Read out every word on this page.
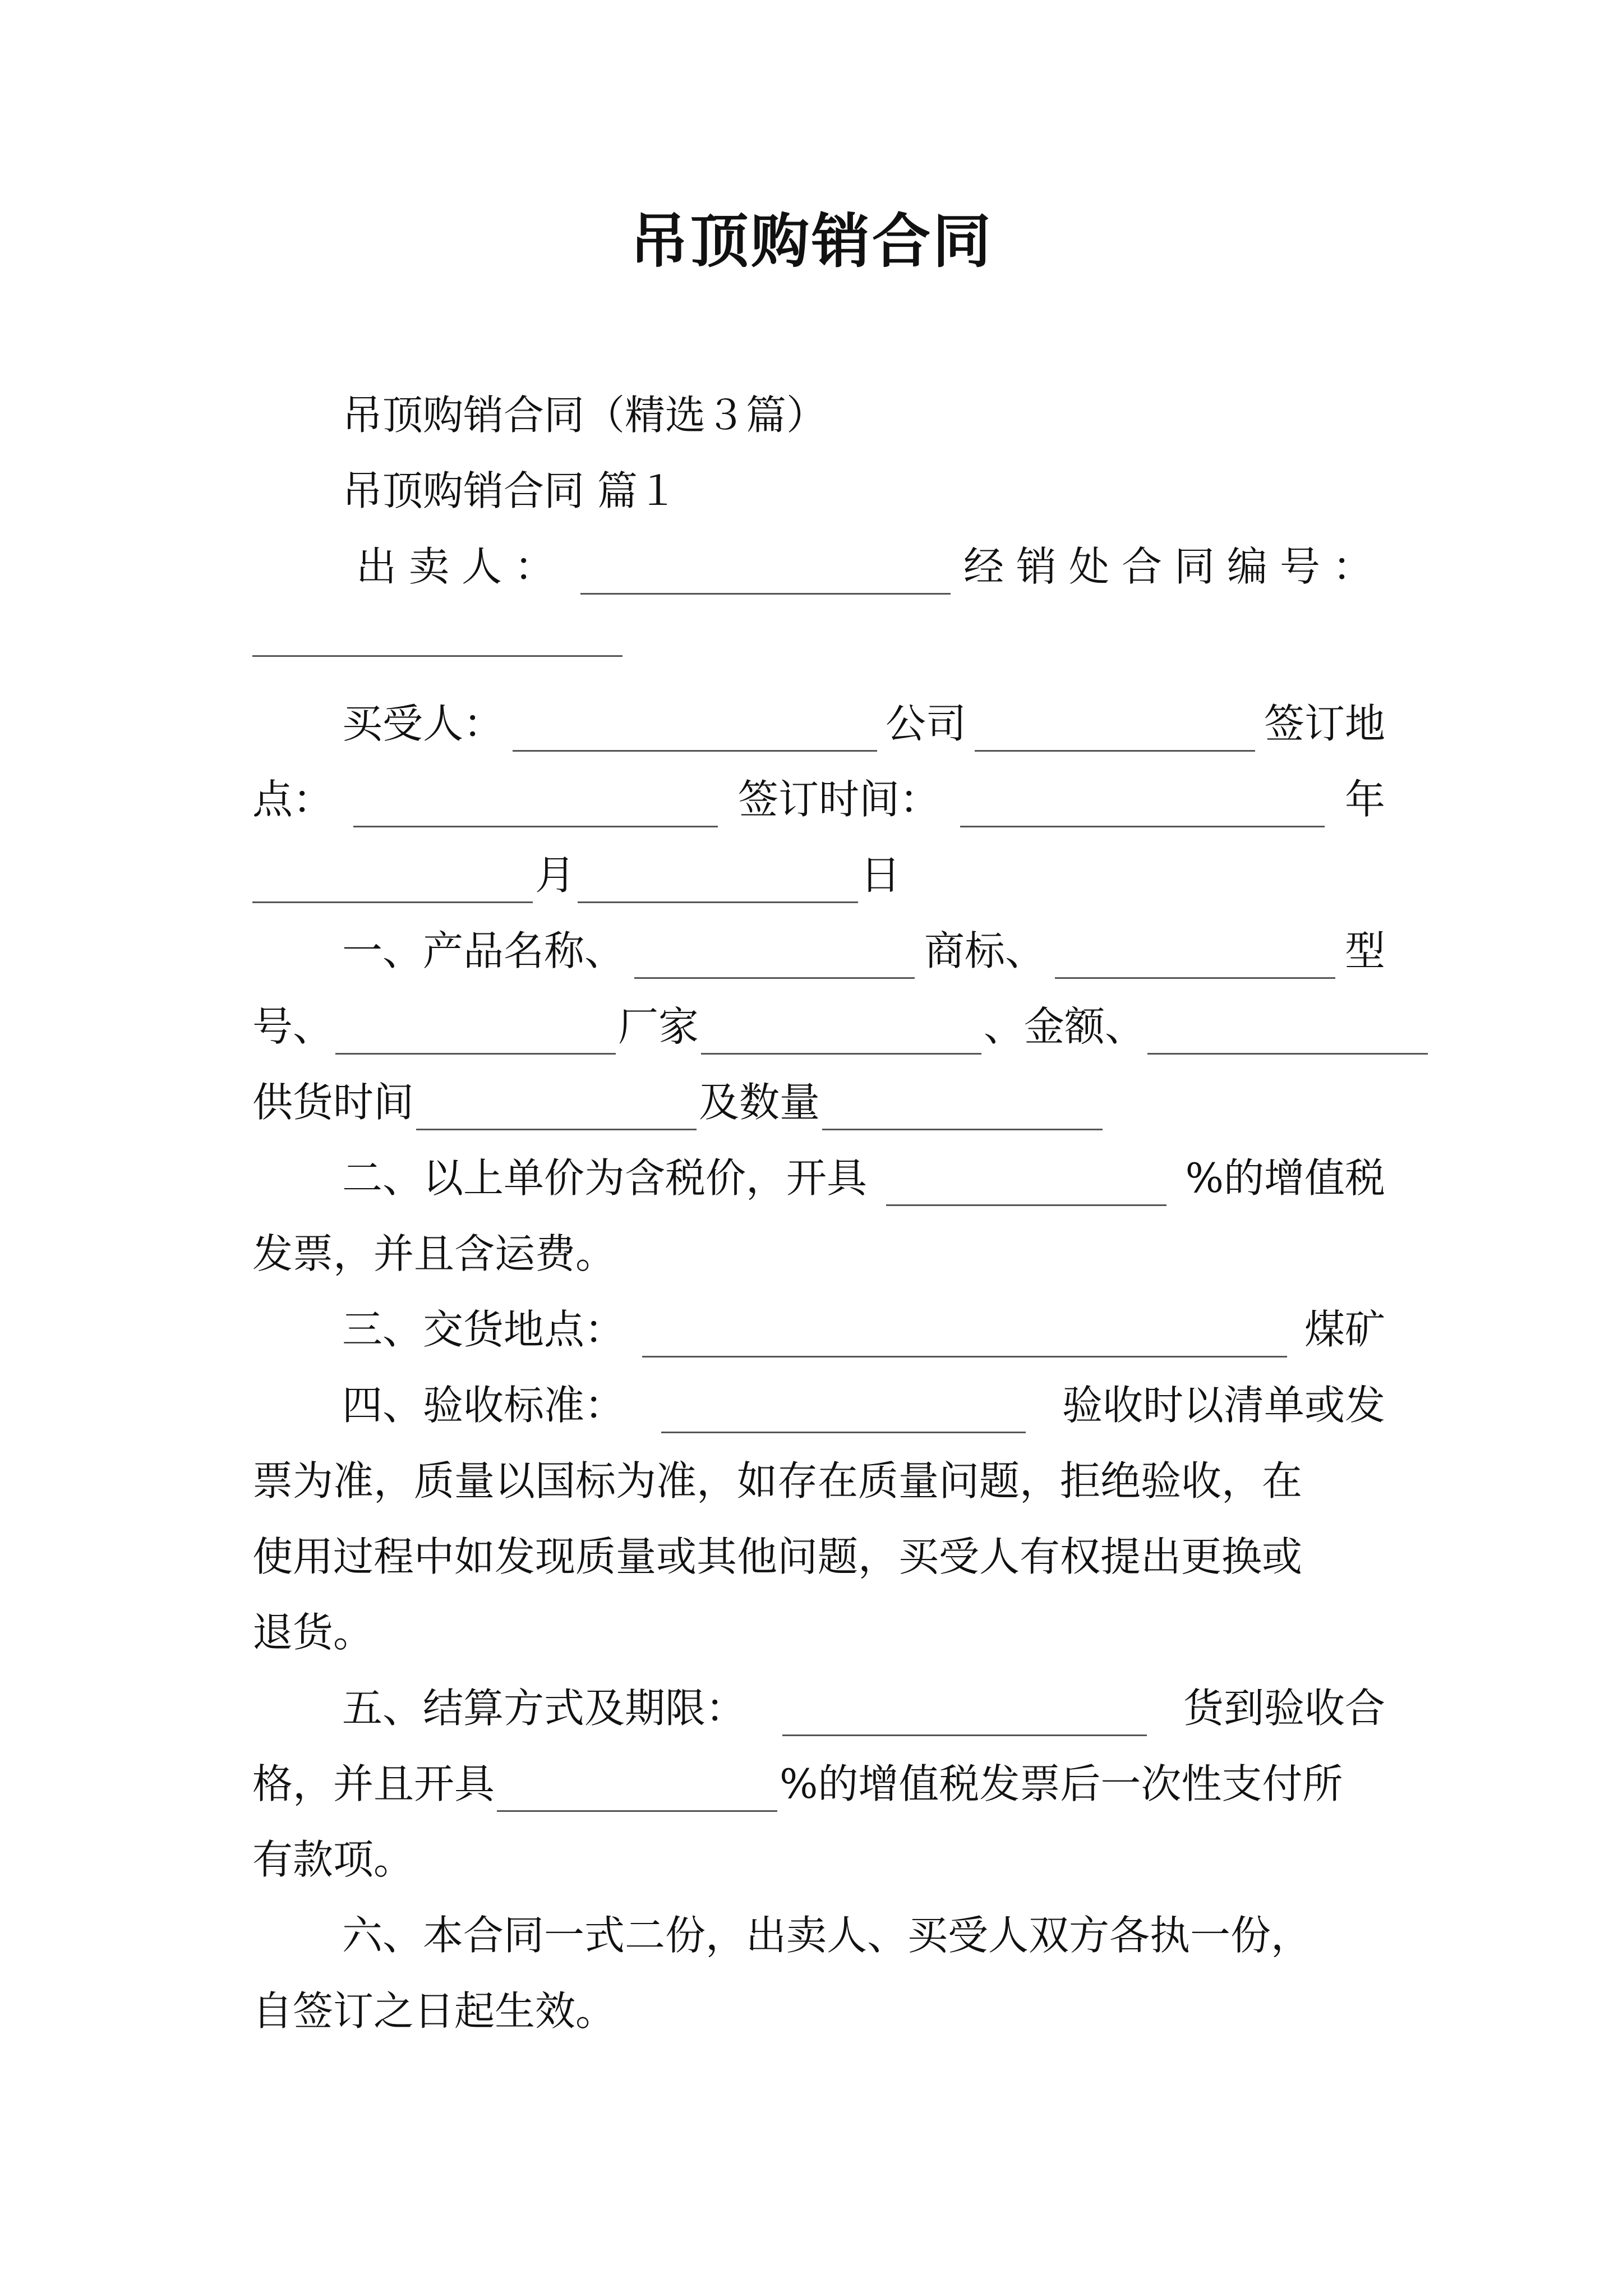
吊顶购销合同
吊顶购销合同（精选３篇）
吊顶购销合同 篇１
出卖人：	经销处合同编号：
买受人：	公司	签订地
点：	签订时间：	年
月	日
一、产品名称、	商标、	型
号、	厂家	、金额、
供货时间	及数量
二、以上单价为含税价，开具	%的增值税
发票，并且含运费。
三、交货地点：	煤矿
四、验收标准：	验收时以清单或发
票为准，质量以国标为准，如存在质量问题，拒绝验收，在
使用过程中如发现质量或其他问题，买受人有权提出更换或
退货。
五、结算方式及期限：	货到验收合
格，并且开具	%的增值税发票后一次性支付所
有款项。
六、本合同一式二份，出卖人、买受人双方各执一份，
自签订之日起生效。
